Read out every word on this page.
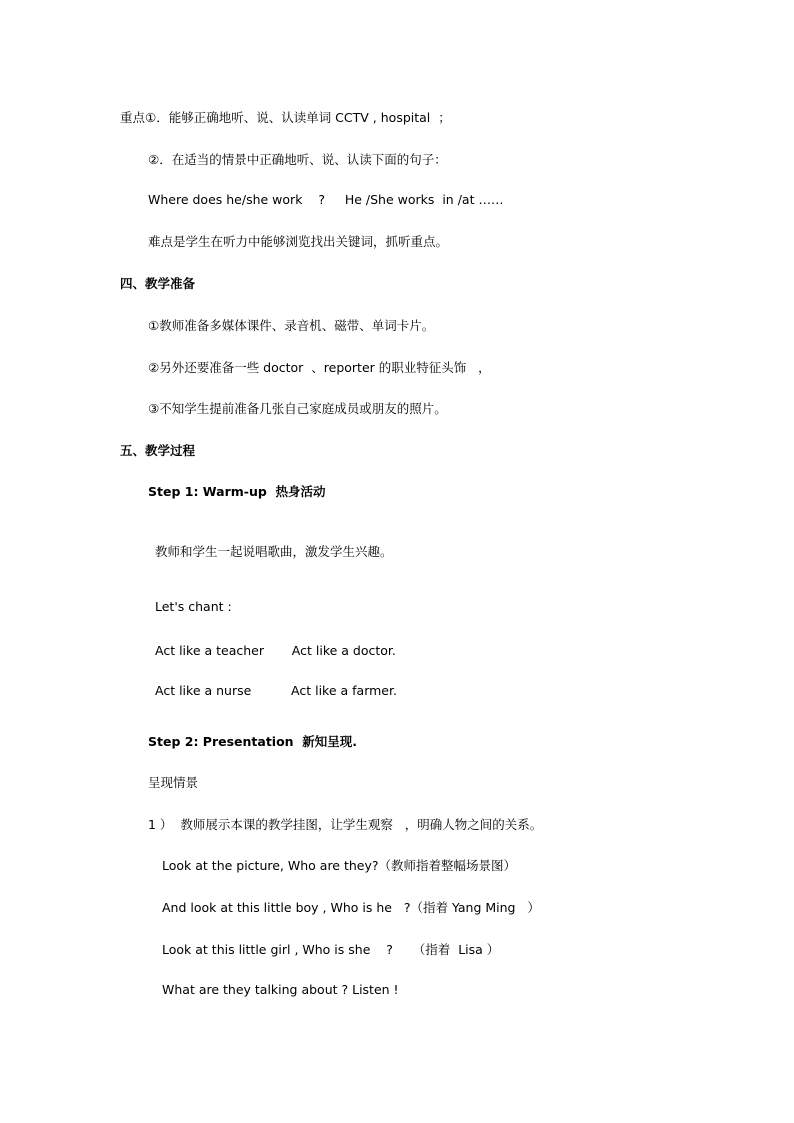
重点①．能够正确地听、说、认读单词 CCTV , hospital  ；
②．在适当的情景中正确地听、说、认读下面的句子：
Where does he/she work    ?     He /She works  in /at ……
难点是学生在听力中能够浏览找出关键词，抓听重点。
四、教学准备
①教师准备多媒体课件、录音机、磁带、单词卡片。
②另外还要准备一些 doctor  、reporter 的职业特征头饰   ，
③不知学生提前准备几张自己家庭成员或朋友的照片。
五、教学过程
Step 1: Warm-up  热身活动
教师和学生一起说唱歌曲，激发学生兴趣。
Let's chant :
Act like a teacher       Act like a doctor.
Act like a nurse          Act like a farmer.
Step 2: Presentation  新知呈现.
呈现情景
1 ）  教师展示本课的教学挂图，让学生观察   ，明确人物之间的关系。
Look at the picture, Who are they?（教师指着整幅场景图）
And look at this little boy , Who is he   ?（指着 Yang Ming   ）
Look at this little girl , Who is she    ?     （指着  Lisa ）
What are they talking about ? Listen !
